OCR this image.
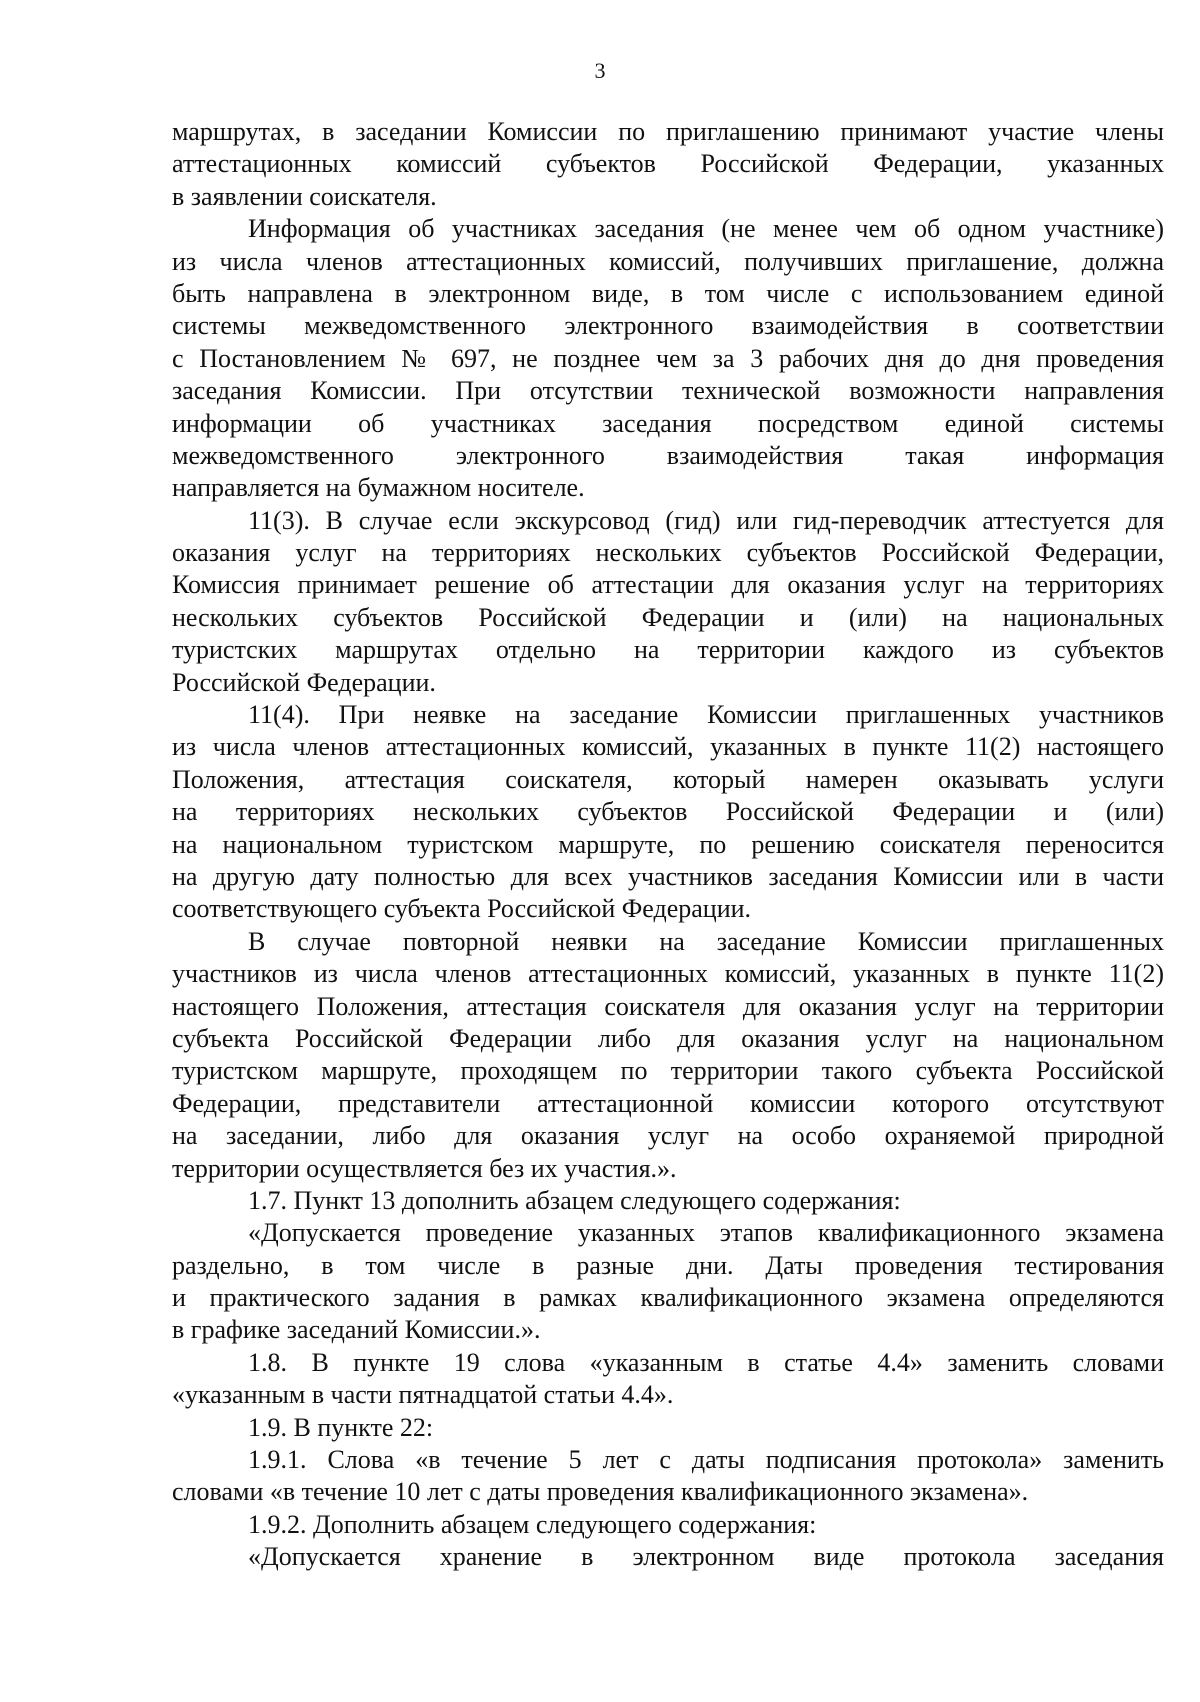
3
маршрутах, в заседании Комиссии по приглашению принимают участие члены
аттестационных комиссий субъектов Российской Федерации, указанных
в заявлении соискателя.
Информация об участниках заседания (не менее чем об одном участнике)
из числа членов аттестационных комиссий, получивших приглашение, должна
быть направлена в электронном виде, в том числе с использованием единой
системы межведомственного электронного взаимодействия в соответствии
с Постановлением № 697, не позднее чем за 3 рабочих дня до дня проведения
заседания Комиссии. При отсутствии технической возможности направления
информации об участниках заседания посредством единой системы
межведомственного электронного взаимодействия такая информация
направляется на бумажном носителе.
11(3). В случае если экскурсовод (гид) или гид-переводчик аттестуется для
оказания услуг на территориях нескольких субъектов Российской Федерации,
Комиссия принимает решение об аттестации для оказания услуг на территориях
нескольких субъектов Российской Федерации и (или) на национальных
туристских маршрутах отдельно на территории каждого из субъектов
Российской Федерации.
11(4). При неявке на заседание Комиссии приглашенных участников
из числа членов аттестационных комиссий, указанных в пункте 11(2) настоящего
Положения, аттестация соискателя, который намерен оказывать услуги
на территориях нескольких субъектов Российской Федерации и (или)
на национальном туристском маршруте, по решению соискателя переносится
на другую дату полностью для всех участников заседания Комиссии или в части
соответствующего субъекта Российской Федерации.
В случае повторной неявки на заседание Комиссии приглашенных
участников из числа членов аттестационных комиссий, указанных в пункте 11(2)
настоящего Положения, аттестация соискателя для оказания услуг на территории
субъекта Российской Федерации либо для оказания услуг на национальном
туристском маршруте, проходящем по территории такого субъекта Российской
Федерации, представители аттестационной комиссии которого отсутствуют
на заседании, либо для оказания услуг на особо охраняемой природной
территории осуществляется без их участия.».
1.7. Пункт 13 дополнить абзацем следующего содержания:
«Допускается проведение указанных этапов квалификационного экзамена
раздельно, в том числе в разные дни. Даты проведения тестирования
и практического задания в рамках квалификационного экзамена определяются
в графике заседаний Комиссии.».
1.8. В пункте 19 слова «указанным в статье 4.4» заменить словами
«указанным в части пятнадцатой статьи 4.4».
1.9. В пункте 22:
1.9.1. Слова «в течение 5 лет с даты подписания протокола» заменить
словами «в течение 10 лет с даты проведения квалификационного экзамена».
1.9.2. Дополнить абзацем следующего содержания:
«Допускается хранение в электронном виде протокола заседания
